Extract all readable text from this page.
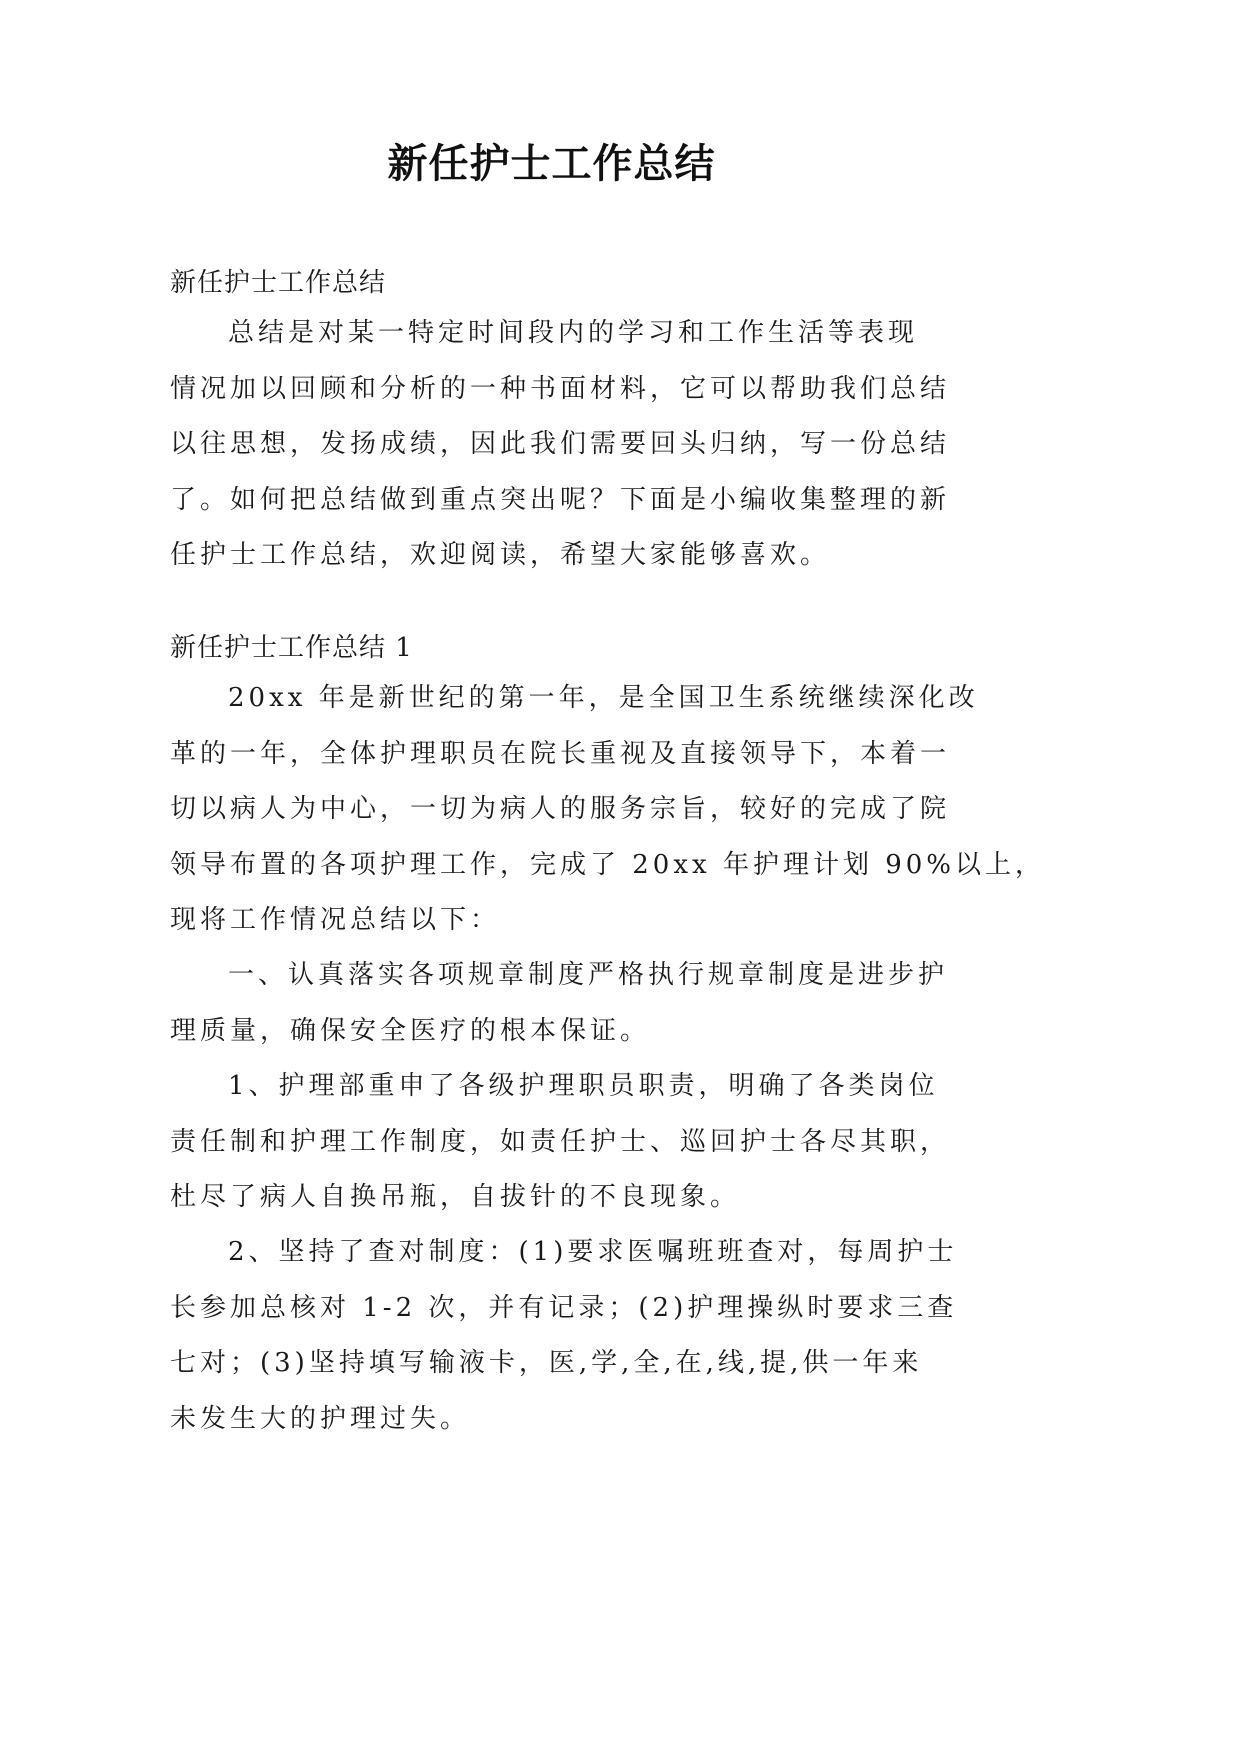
新任护士工作总结
新任护士工作总结
总结是对某一特定时间段内的学习和工作生活等表现
情况加以回顾和分析的一种书面材料，它可以帮助我们总结
以往思想，发扬成绩，因此我们需要回头归纳，写一份总结
了。如何把总结做到重点突出呢？下面是小编收集整理的新
任护士工作总结，欢迎阅读，希望大家能够喜欢。
新任护士工作总结 1
20xx 年是新世纪的第一年，是全国卫生系统继续深化改
革的一年，全体护理职员在院长重视及直接领导下，本着一
切以病人为中心，一切为病人的服务宗旨，较好的完成了院
领导布置的各项护理工作，完成了 20xx 年护理计划 90%以上，
现将工作情况总结以下：
一、认真落实各项规章制度严格执行规章制度是进步护
理质量，确保安全医疗的根本保证。
1、护理部重申了各级护理职员职责，明确了各类岗位
责任制和护理工作制度，如责任护士、巡回护士各尽其职，
杜尽了病人自换吊瓶，自拔针的不良现象。
2、坚持了查对制度：(1)要求医嘱班班查对，每周护士
长参加总核对 1-2 次，并有记录；(2)护理操纵时要求三查
七对；(3)坚持填写输液卡，医,学,全,在,线,提,供一年来
未发生大的护理过失。
